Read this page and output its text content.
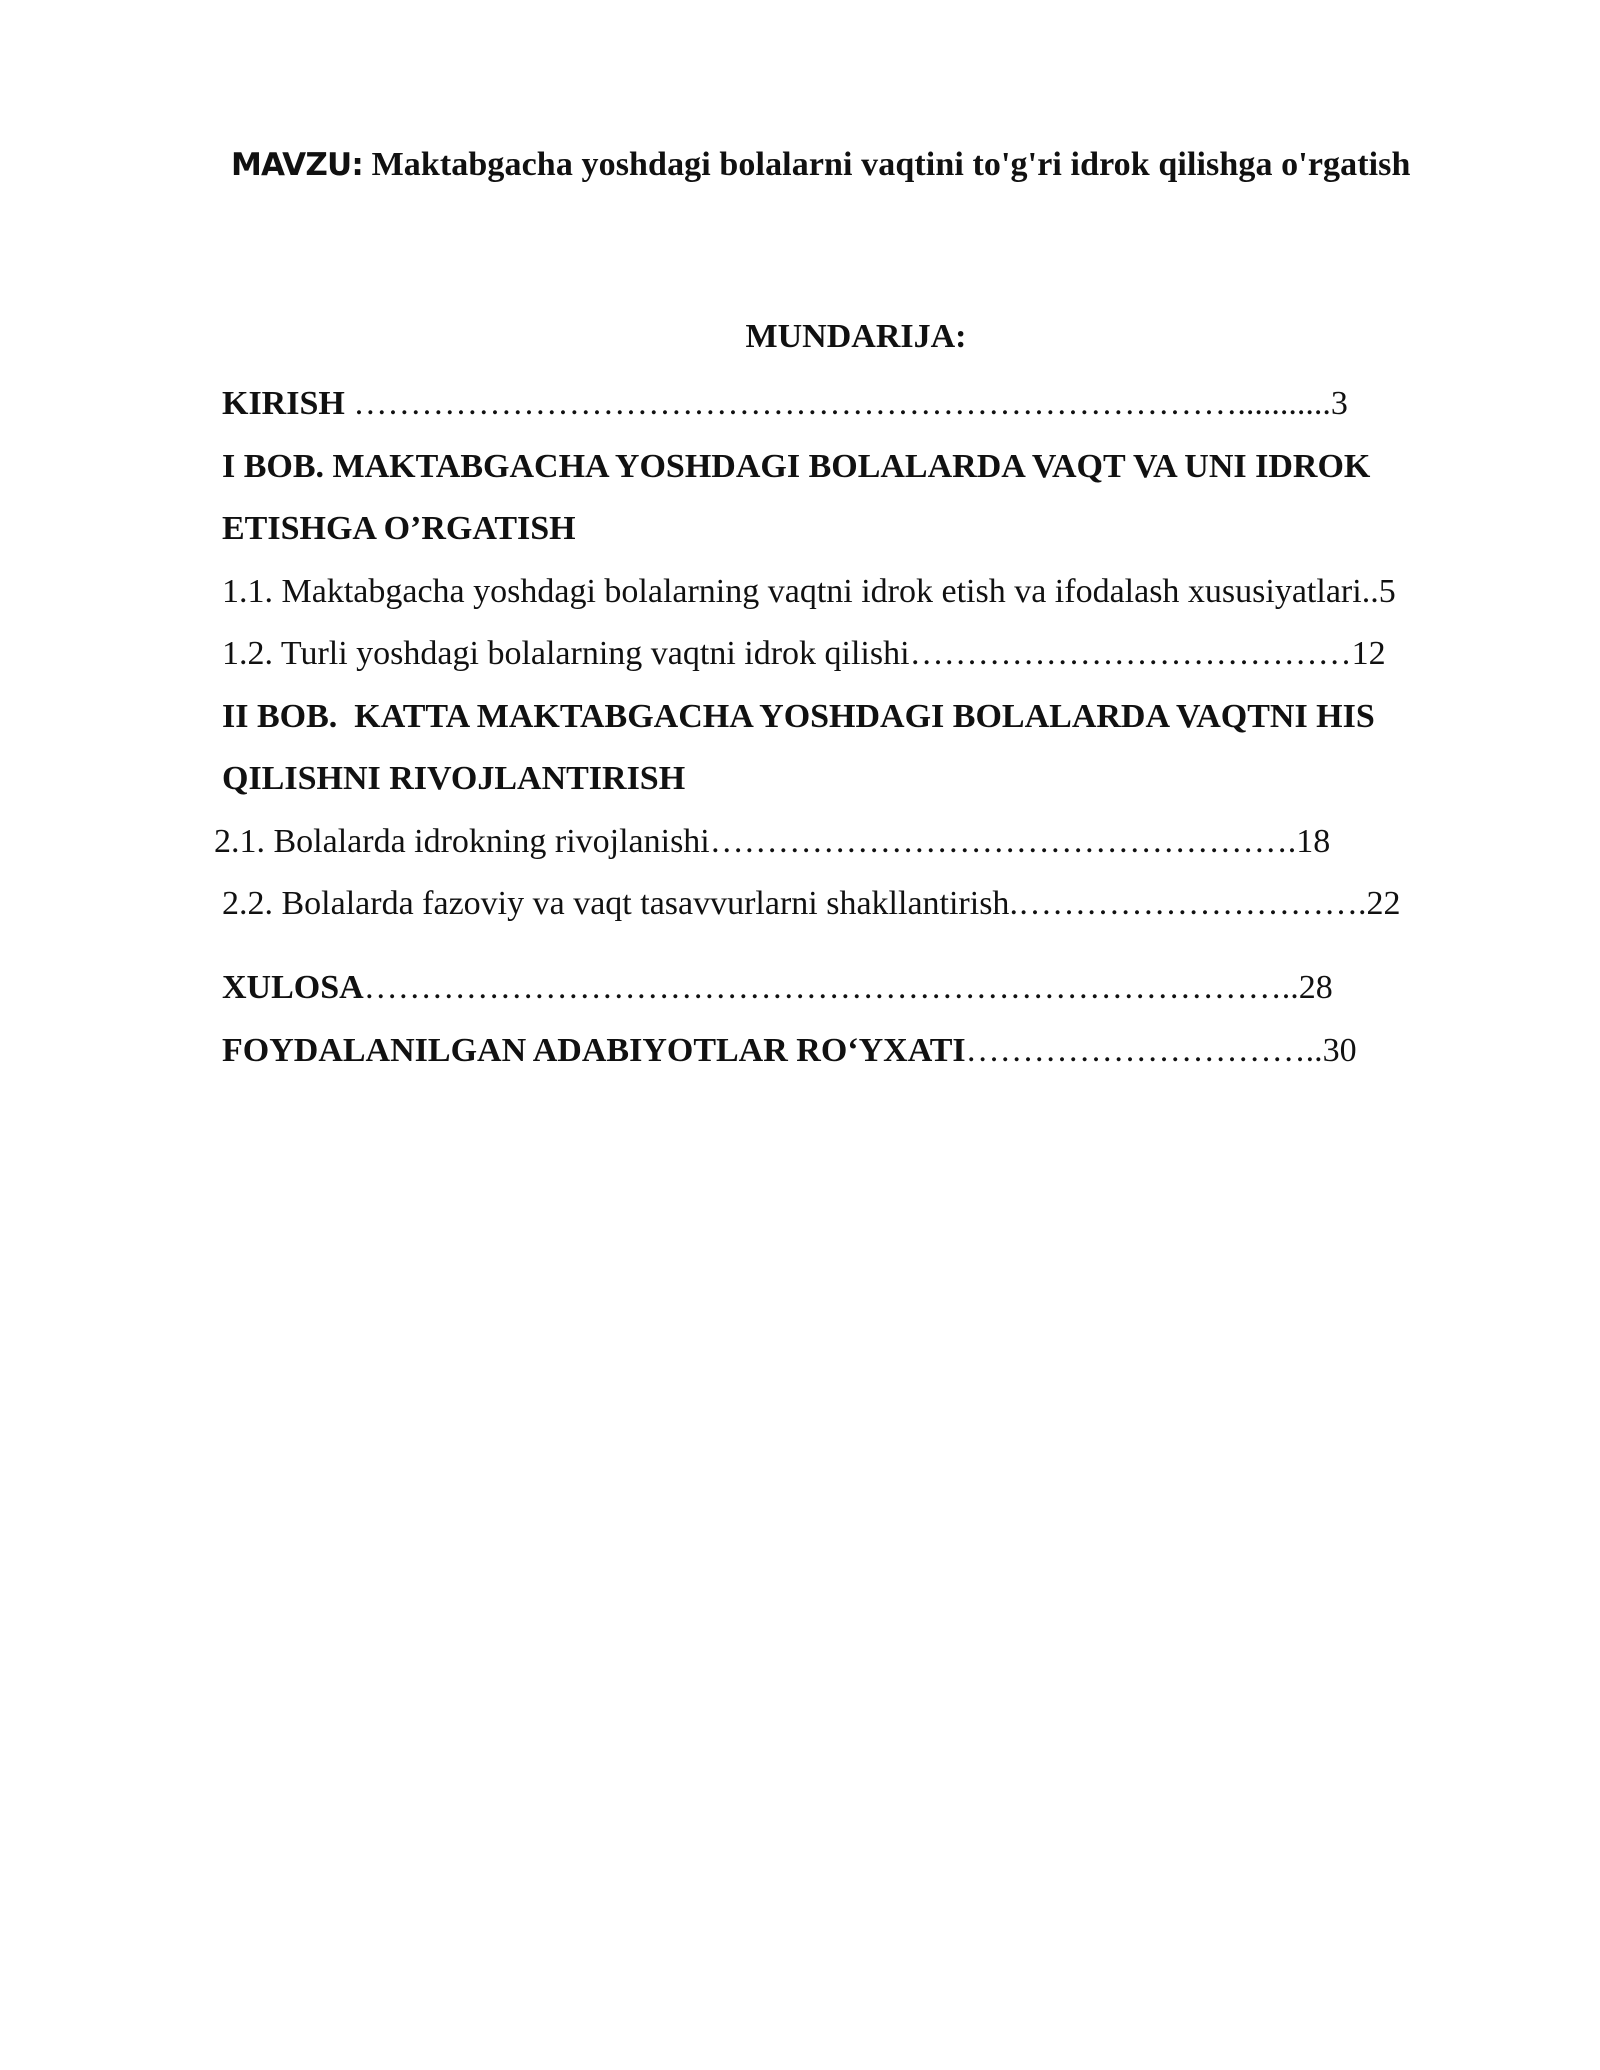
MAVZU: Maktabgacha yoshdagi bolalarni vaqtini to'g'ri idrok qilishga o'rgatish
MUNDARIJA:
KIRISH ……………………………………………………………………...........3
I BOB. MAKTABGACHA YOSHDAGI BOLALARDA VAQT VA UNI IDROK
ETISHGA O’RGATISH
1.1. Maktabgacha yoshdagi bolalarning vaqtni idrok etish va ifodalash xususiyatlari..5
1.2. Turli yoshdagi bolalarning vaqtni idrok qilishi…………………………………12
II BOB.  KATTA MAKTABGACHA YOSHDAGI BOLALARDA VAQTNI HIS
QILISHNI RIVOJLANTIRISH
2.1. Bolalarda idrokning rivojlanishi…………………………………………….18
2.2. Bolalarda fazoviy va vaqt tasavvurlarni shakllantirish.………………………….22
XULOSA………………………………………………………………………..28
FOYDALANILGAN ADABIYOTLAR RO‘YXATI…………………………..30
